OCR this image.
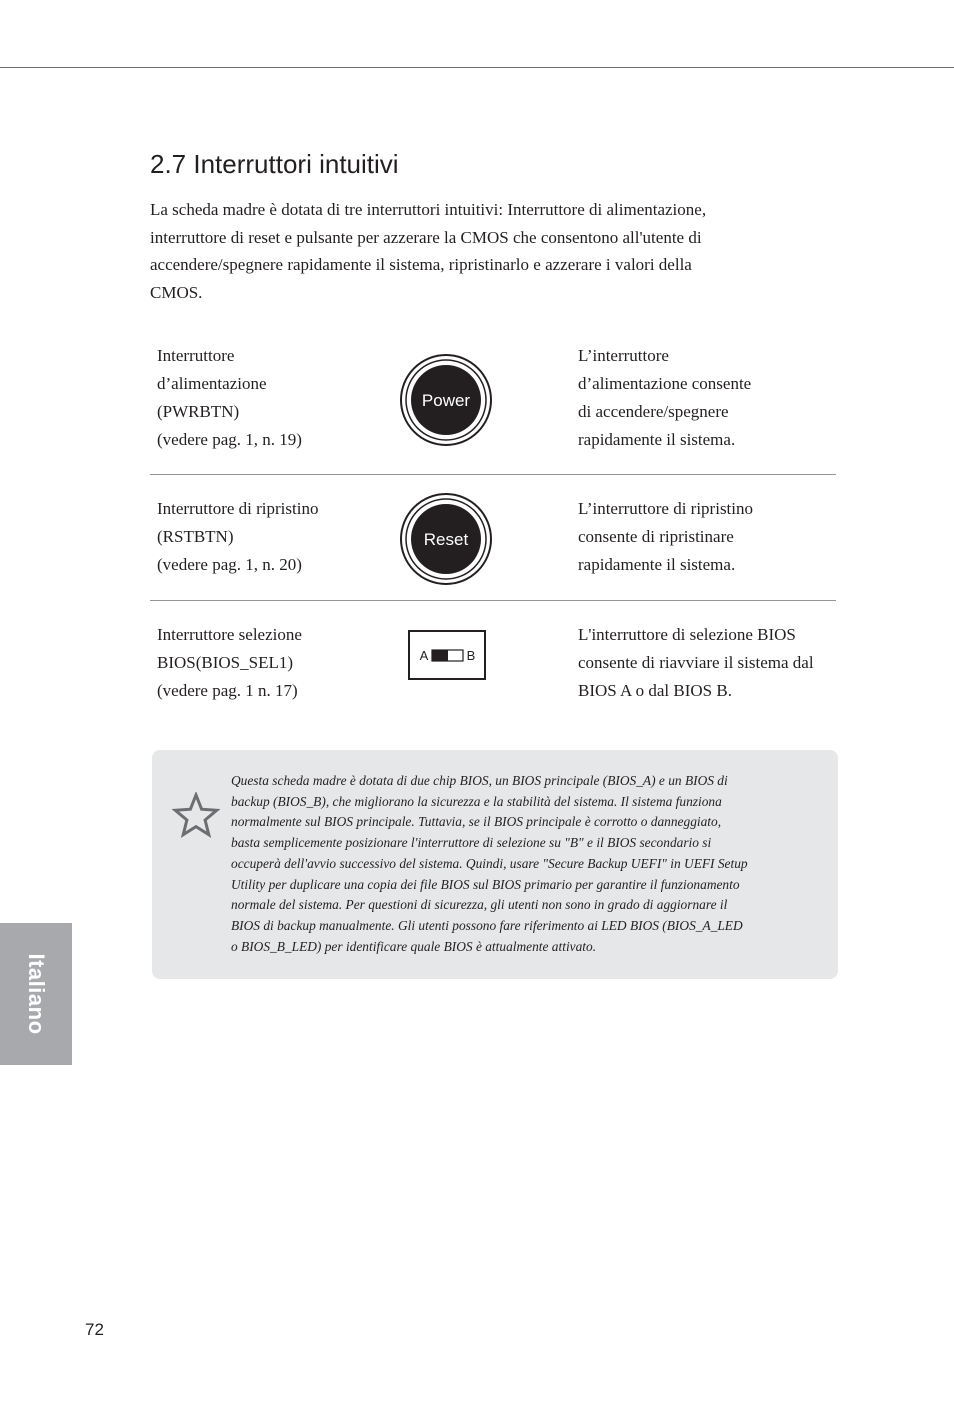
2.7 Interruttori intuitivi
La scheda madre è dotata di tre interruttori intuitivi: Interruttore di alimentazione,
interruttore di reset e pulsante per azzerare la CMOS che consentono all'utente di
accendere/spegnere rapidamente il sistema, ripristinarlo e azzerare i valori della
CMOS.
Interruttore
d’alimentazione
(PWRBTN)
(vedere pag. 1, n. 19)
L’interruttore
d’alimentazione consente
di accendere/spegnere
rapidamente il sistema.
Power
Interruttore di ripristino
(RSTBTN)
(vedere pag. 1, n. 20)
L’interruttore di ripristino
consente di ripristinare
rapidamente il sistema.
Reset
Interruttore selezione
BIOS(BIOS_SEL1)
(vedere pag. 1 n. 17)
L'interruttore di selezione BIOS
consente di riavviare il sistema dal
BIOS A o dal BIOS B.
A	B
Questa scheda madre è dotata di due chip BIOS, un BIOS principale (BIOS_A) e un BIOS di
backup (BIOS_B), che migliorano la sicurezza e la stabilità del sistema. Il sistema funziona
normalmente sul BIOS principale. Tuttavia, se il BIOS principale è corrotto o danneggiato,
basta semplicemente posizionare l'interruttore di selezione su "B" e il BIOS secondario si
occuperà dell'avvio successivo del sistema. Quindi, usare "Secure Backup UEFI" in UEFI Setup
Utility per duplicare una copia dei file BIOS sul BIOS primario per garantire il funzionamento
normale del sistema. Per questioni di sicurezza, gli utenti non sono in grado di aggiornare il
BIOS di backup manualmente. Gli utenti possono fare riferimento ai LED BIOS (BIOS_A_LED
o BIOS_B_LED) per identificare quale BIOS è attualmente attivato.
Italiano
72
